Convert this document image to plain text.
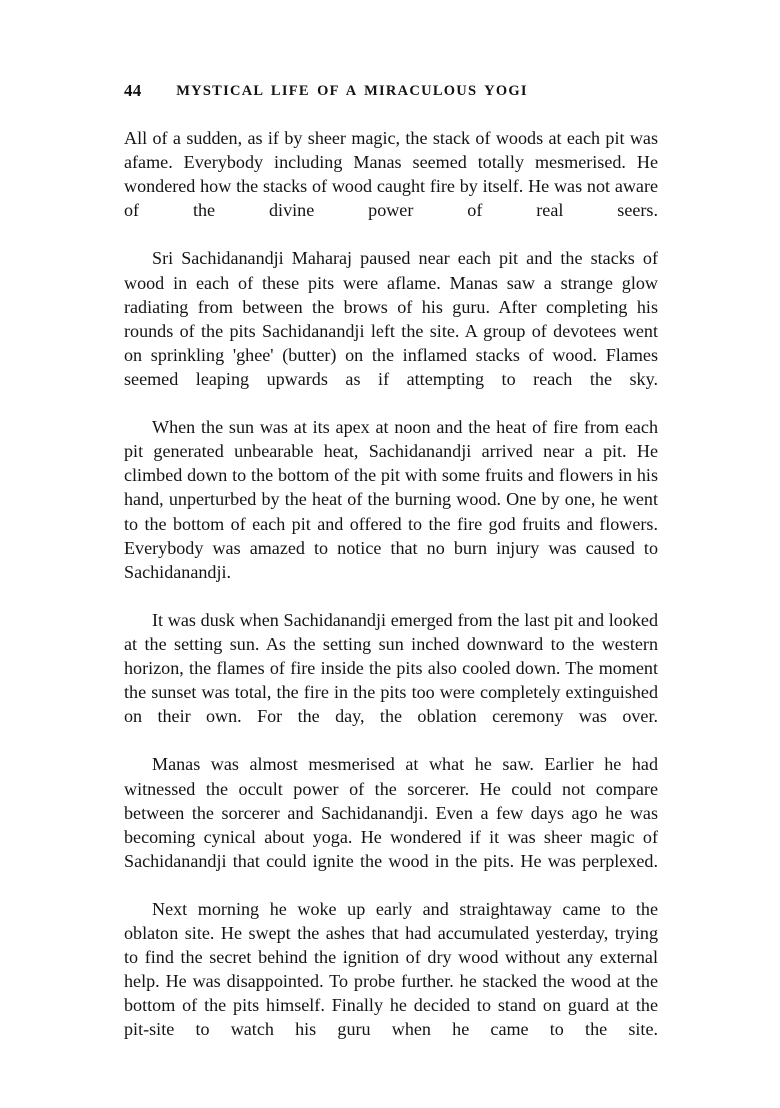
44	MYSTICAL LIFE OF A MIRACULOUS YOGI

All of a sudden, as if by sheer magic, the stack of woods at each pit was afame. Everybody including Manas seemed totally mesmerised. He wondered how the stacks of wood caught fire by itself. He was not aware of the divine power of real seers.

Sri Sachidanandji Maharaj paused near each pit and the stacks of wood in each of these pits were aflame. Manas saw a strange glow radiating from between the brows of his guru. After completing his rounds of the pits Sachidanandji left the site. A group of devotees went on sprinkling 'ghee' (butter) on the inflamed stacks of wood. Flames seemed leaping upwards as if attempting to reach the sky.

When the sun was at its apex at noon and the heat of fire from each pit generated unbearable heat, Sachidanandji arrived near a pit. He climbed down to the bottom of the pit with some fruits and flowers in his hand, unperturbed by the heat of the burning wood. One by one, he went to the bottom of each pit and offered to the fire god fruits and flowers. Everybody was amazed to notice that no burn injury was caused to Sachidanandji.

It was dusk when Sachidanandji emerged from the last pit and looked at the setting sun. As the setting sun inched downward to the western horizon, the flames of fire inside the pits also cooled down. The moment the sunset was total, the fire in the pits too were completely extinguished on their own. For the day, the oblation ceremony was over.

Manas was almost mesmerised at what he saw. Earlier he had witnessed the occult power of the sorcerer. He could not compare between the sorcerer and Sachidanandji. Even a few days ago he was becoming cynical about yoga. He wondered if it was sheer magic of Sachidanandji that could ignite the wood in the pits. He was perplexed.

Next morning he woke up early and straightaway came to the oblaton site. He swept the ashes that had accumulated yesterday, trying to find the secret behind the ignition of dry wood without any external help. He was disappointed. To probe further. he stacked the wood at the bottom of the pits himself. Finally he decided to stand on guard at the pit-site to watch his guru when he came to the site.
